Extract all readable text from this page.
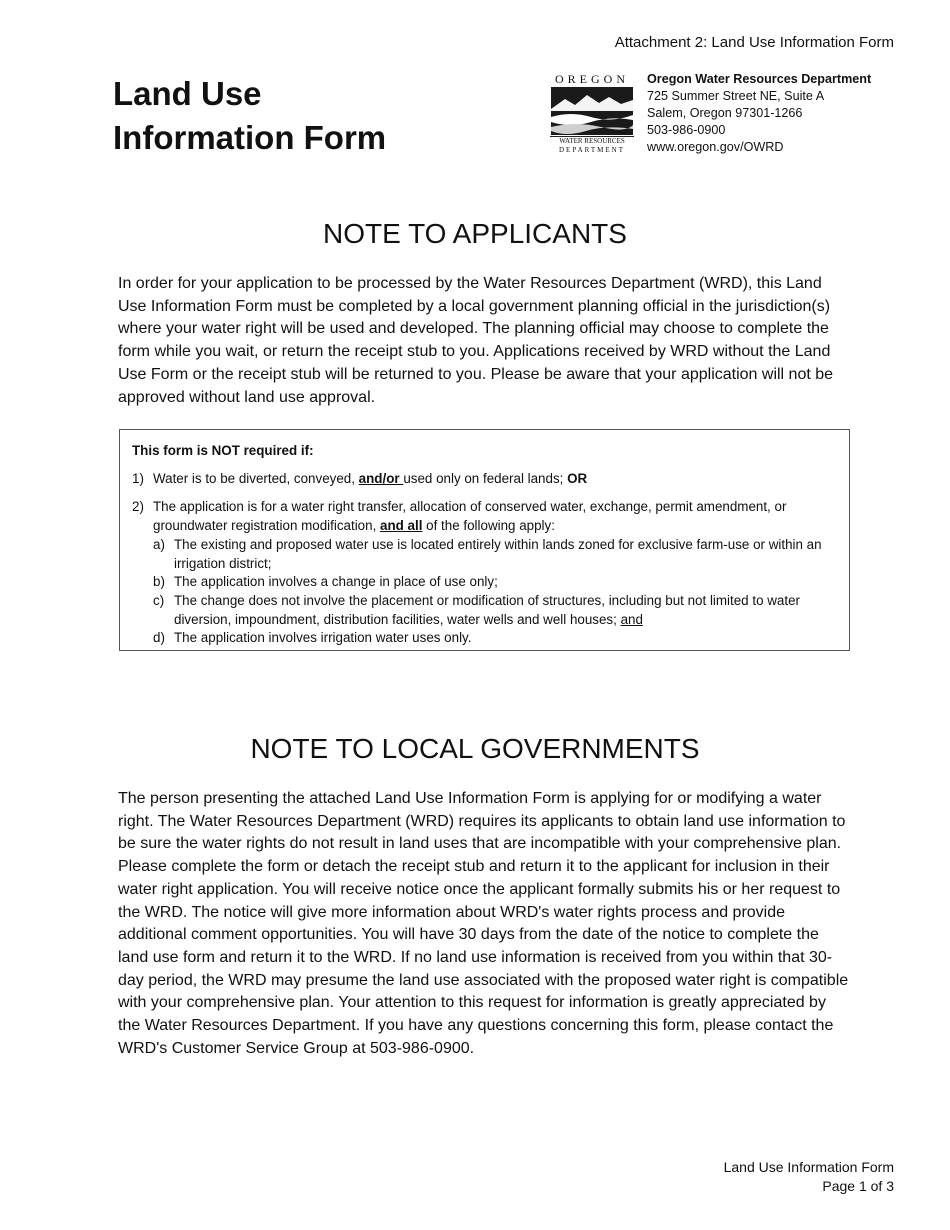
Attachment 2: Land Use Information Form
Land Use
Information Form
OREGON
WATER RESOURCES
DEPARTMENT
Oregon Water Resources Department
725 Summer Street NE, Suite A
Salem, Oregon 97301-1266
503-986-0900
www.oregon.gov/OWRD
NOTE TO APPLICANTS

In order for your application to be processed by the Water Resources Department (WRD), this Land Use Information Form must be completed by a local government planning official in the jurisdiction(s) where your water right will be used and developed. The planning official may choose to complete the form while you wait, or return the receipt stub to you. Applications received by WRD without the Land Use Form or the receipt stub will be returned to you. Please be aware that your application will not be approved without land use approval.

This form is NOT required if:
1) Water is to be diverted, conveyed, and/or used only on federal lands; OR
2) The application is for a water right transfer, allocation of conserved water, exchange, permit amendment, or groundwater registration modification, and all of the following apply:
a) The existing and proposed water use is located entirely within lands zoned for exclusive farm-use or within an irrigation district;
b) The application involves a change in place of use only;
c) The change does not involve the placement or modification of structures, including but not limited to water diversion, impoundment, distribution facilities, water wells and well houses; and
d) The application involves irrigation water uses only.
NOTE TO LOCAL GOVERNMENTS

The person presenting the attached Land Use Information Form is applying for or modifying a water right. The Water Resources Department (WRD) requires its applicants to obtain land use information to be sure the water rights do not result in land uses that are incompatible with your comprehensive plan. Please complete the form or detach the receipt stub and return it to the applicant for inclusion in their water right application. You will receive notice once the applicant formally submits his or her request to the WRD. The notice will give more information about WRD's water rights process and provide additional comment opportunities. You will have 30 days from the date of the notice to complete the land use form and return it to the WRD. If no land use information is received from you within that 30-day period, the WRD may presume the land use associated with the proposed water right is compatible with your comprehensive plan. Your attention to this request for information is greatly appreciated by the Water Resources Department. If you have any questions concerning this form, please contact the WRD's Customer Service Group at 503-986-0900.

Land Use Information Form
Page 1 of 3
